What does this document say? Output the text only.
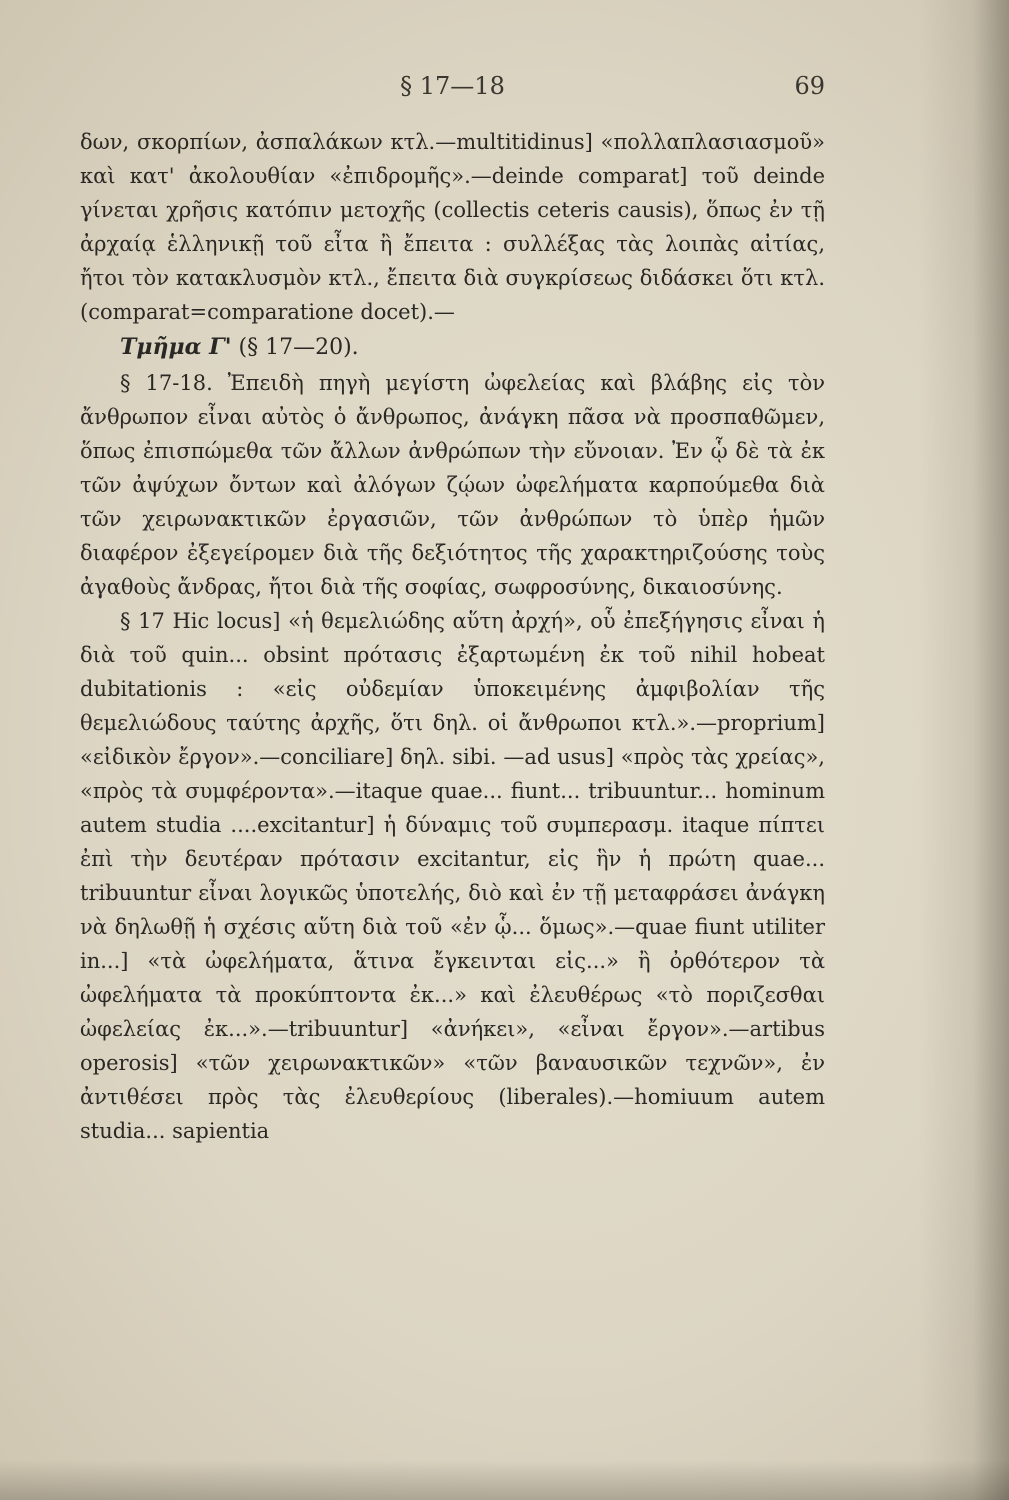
§ 17—18	69

δων, σκορπίων, ἀσπαλάκων κτλ.—multitidinus] «πολλαπλασιασμοῦ» καὶ κατ' ἀκολουθίαν «ἐπιδρομῆς».—deinde comparat] τοῦ deinde γίνεται χρῆσις κατόπιν μετοχῆς (collectis ceteris causis), ὅπως ἐν τῇ ἀρχαίᾳ ἑλληνικῇ τοῦ εἶτα ἢ ἔπειτα : συλλέξας τὰς λοιπὰς αἰτίας, ἤτοι τὸν κατακλυσμὸν κτλ., ἔπειτα διὰ συγκρίσεως διδάσκει ὅτι κτλ. (comparat=comparatione docet).—

Τμῆμα Γ' (§ 17—20).

§ 17-18. Ἐπειδὴ πηγὴ μεγίστη ὠφελείας καὶ βλάβης εἰς τὸν ἄνθρωπον εἶναι αὐτὸς ὁ ἄνθρωπος, ἀνάγκη πᾶσα νὰ προσπαθῶμεν, ὅπως ἐπισπώμεθα τῶν ἄλλων ἀνθρώπων τὴν εὔνοιαν. Ἐν ᾧ δὲ τὰ ἐκ τῶν ἀψύχων ὄντων καὶ ἀλόγων ζῴων ὠφελήματα καρπούμεθα διὰ τῶν χειρωνακτικῶν ἐργασιῶν, τῶν ἀνθρώπων τὸ ὑπὲρ ἡμῶν διαφέρον ἐξεγείρομεν διὰ τῆς δεξιότητος τῆς χαρακτηριζούσης τοὺς ἀγαθοὺς ἄνδρας, ἤτοι διὰ τῆς σοφίας, σωφροσύνης, δικαιοσύνης.

§ 17 Hic locus] «ἡ θεμελιώδης αὕτη ἀρχή», οὗ ἐπεξήγησις εἶναι ἡ διὰ τοῦ quin... obsint πρότασις ἐξαρτωμένη ἐκ τοῦ nihil hobeat dubitationis : «εἰς οὐδεμίαν ὑποκειμένης ἀμφιβολίαν τῆς θεμελιώδους ταύτης ἀρχῆς, ὅτι δηλ. οἱ ἄνθρωποι κτλ.».—proprium] «εἰδικὸν ἔργον».—conciliare] δηλ. sibi. —ad usus] «πρὸς τὰς χρείας», «πρὸς τὰ συμφέροντα».—itaque quae... fiunt... tribuuntur... hominum autem studia ....excitantur] ἡ δύναμις τοῦ συμπερασμ. itaque πίπτει ἐπὶ τὴν δευτέραν πρότασιν excitantur, εἰς ἣν ἡ πρώτη quae... tribuuntur εἶναι λογικῶς ὑποτελής, διὸ καὶ ἐν τῇ μεταφράσει ἀνάγκη νὰ δηλωθῇ ἡ σχέσις αὕτη διὰ τοῦ «ἐν ᾧ... ὅμως».—quae fiunt utiliter in...] «τὰ ὠφελήματα, ἅτινα ἔγκεινται εἰς...» ἢ ὀρθότερον τὰ ὠφελήματα τὰ προκύπτοντα ἐκ...» καὶ ἐλευθέρως «τὸ ποριζεσθαι ὠφελείας ἐκ...».—tribuuntur] «ἀνήκει», «εἶναι ἔργον».—artibus operosis] «τῶν χειρωνακτικῶν» «τῶν βαναυσικῶν τεχνῶν», ἐν ἀντιθέσει πρὸς τὰς ἐλευθερίους (liberales).—homiuum autem studia... sapientia
